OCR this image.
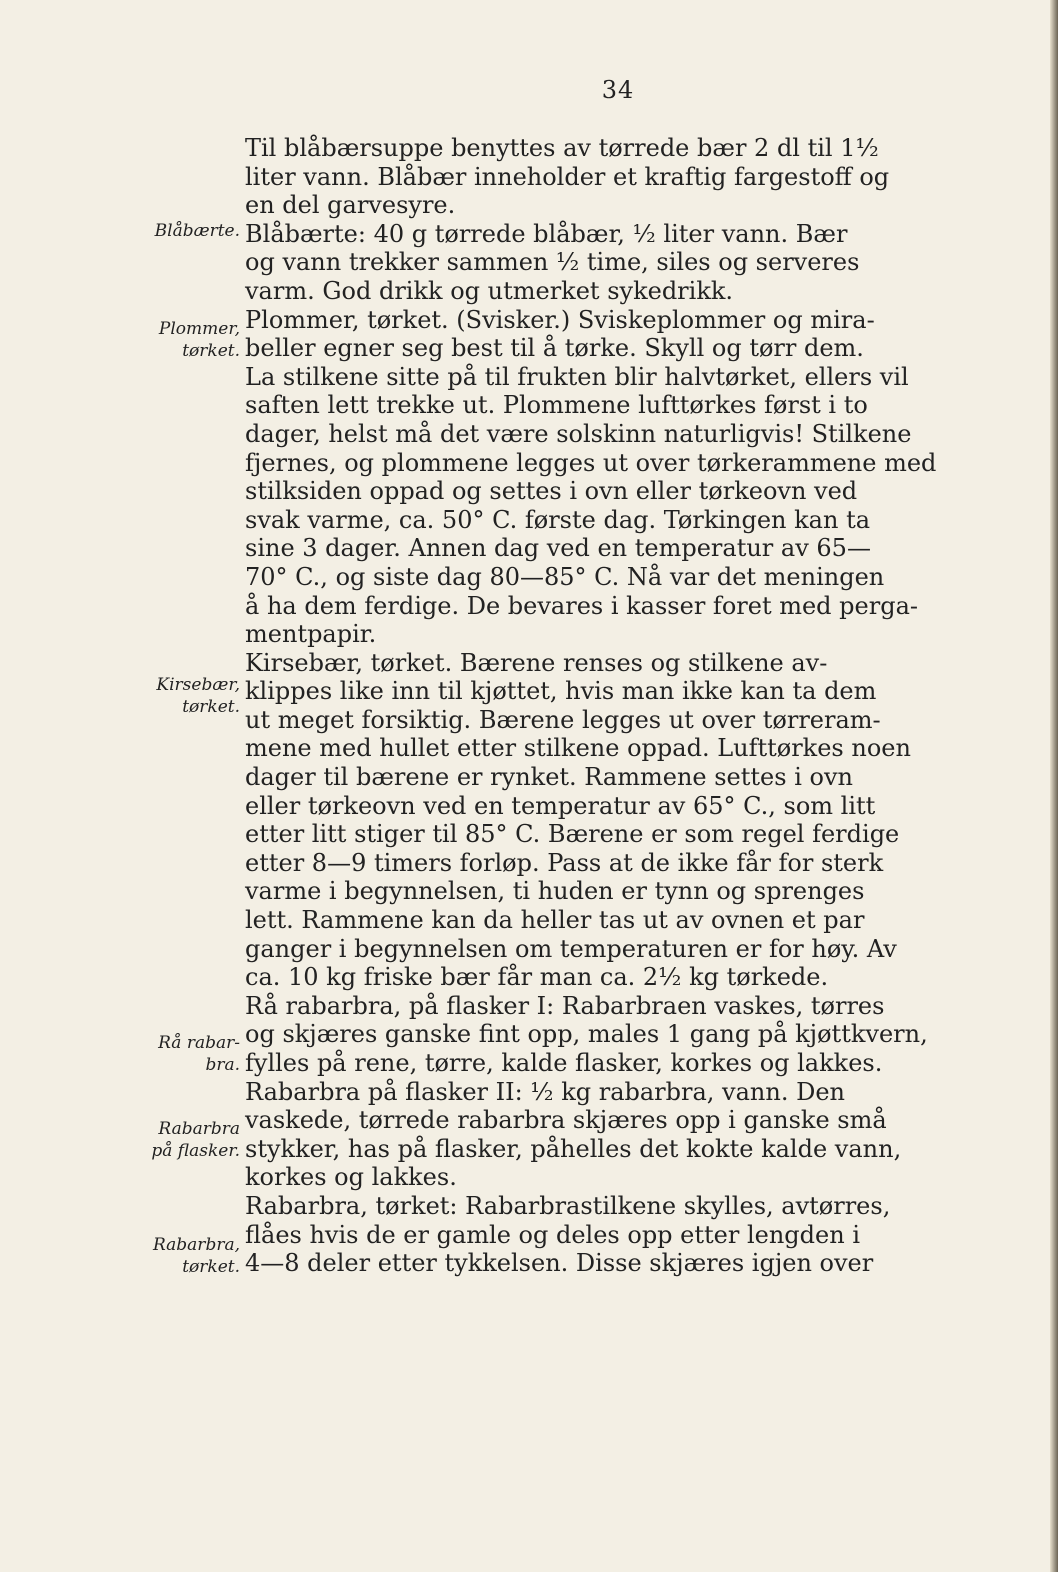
34
Blåbærte.
Plommer,
tørket.
Kirsebær,
tørket.
Rå rabar-
bra.
Rabarbra
på flasker.
Rabarbra,
tørket.
Til blåbærsuppe benyttes av tørrede bær 2 dl til 1½
liter vann. Blåbær inneholder et kraftig fargestoff og
en del garvesyre.
Blåbærte: 40 g tørrede blåbær, ½ liter vann. Bær
og vann trekker sammen ½ time, siles og serveres
varm. God drikk og utmerket sykedrikk.
Plommer, tørket. (Svisker.) Sviskeplommer og mira-
beller egner seg best til å tørke. Skyll og tørr dem.
La stilkene sitte på til frukten blir halvtørket, ellers vil
saften lett trekke ut. Plommene lufttørkes først i to
dager, helst må det være solskinn naturligvis! Stilkene
fjernes, og plommene legges ut over tørkerammene med
stilksiden oppad og settes i ovn eller tørkeovn ved
svak varme, ca. 50° C. første dag. Tørkingen kan ta
sine 3 dager. Annen dag ved en temperatur av 65—
70° C., og siste dag 80—85° C. Nå var det meningen
å ha dem ferdige. De bevares i kasser foret med perga-
mentpapir.
Kirsebær, tørket. Bærene renses og stilkene av-
klippes like inn til kjøttet, hvis man ikke kan ta dem
ut meget forsiktig. Bærene legges ut over tørreram-
mene med hullet etter stilkene oppad. Lufttørkes noen
dager til bærene er rynket. Rammene settes i ovn
eller tørkeovn ved en temperatur av 65° C., som litt
etter litt stiger til 85° C. Bærene er som regel ferdige
etter 8—9 timers forløp. Pass at de ikke får for sterk
varme i begynnelsen, ti huden er tynn og sprenges
lett. Rammene kan da heller tas ut av ovnen et par
ganger i begynnelsen om temperaturen er for høy. Av
ca. 10 kg friske bær får man ca. 2½ kg tørkede.
Rå rabarbra, på flasker I: Rabarbraen vaskes, tørres
og skjæres ganske fint opp, males 1 gang på kjøttkvern,
fylles på rene, tørre, kalde flasker, korkes og lakkes.
Rabarbra på flasker II: ½ kg rabarbra, vann. Den
vaskede, tørrede rabarbra skjæres opp i ganske små
stykker, has på flasker, påhelles det kokte kalde vann,
korkes og lakkes.
Rabarbra, tørket: Rabarbrastilkene skylles, avtørres,
flåes hvis de er gamle og deles opp etter lengden i
4—8 deler etter tykkelsen. Disse skjæres igjen over
